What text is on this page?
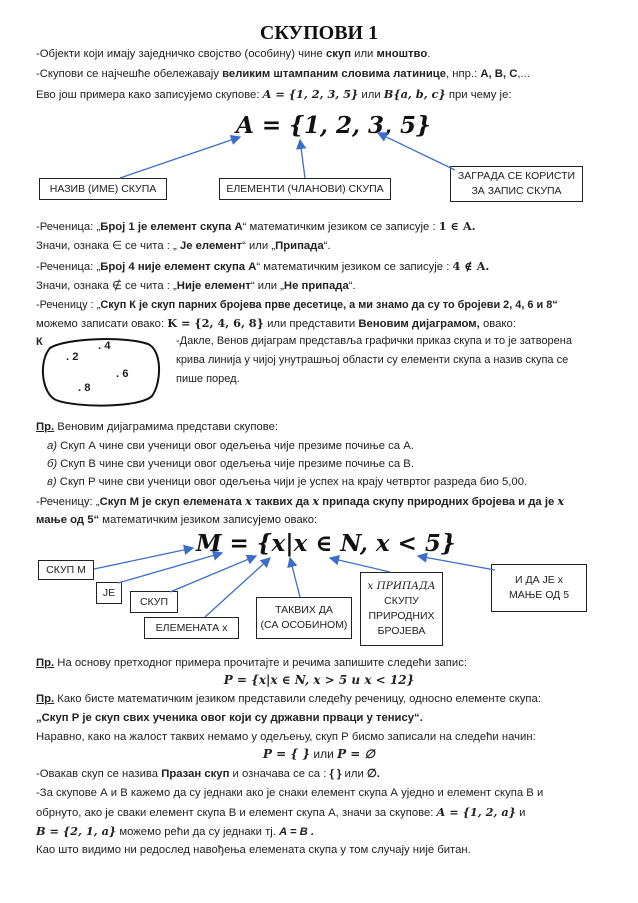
СКУПОВИ 1
-Објекти који имају заједничко својство (особину) чине скуп или мноштво.
-Скупови се најчешће обележавају великим штампаним словима латинице, нпр.: А, В, С,...
Ево још примера како записујемо скупове: A = {1, 2, 3, 5} или B{a, b, c} при чему је:
A = {1, 2, 3, 5}
НАЗИВ (ИМЕ) СКУПА	ЕЛЕМЕНТИ (ЧЛАНОВИ) СКУПА
ЗАГРАДА СЕ КОРИСТИ
ЗА ЗАПИС СКУПА
-Реченица: „Број 1 је елемент скупа А“ математичким језиком се записује : 1 ∈ A.
Значи, ознака ∈ се чита : „ Је елемент“ или „Припада“.
-Реченица: „Број 4 није елемент скупа А“ математичким језиком се записује : 4 ∉ A.
Значи, ознака ∉ се чита : „Није елемент“ или „Не припада“.
-Реченицу : „Скуп К је скуп парних бројева прве десетице, а ми знамо да су то бројеви 2, 4, 6 и 8“
можемо записати овако: K = {2, 4, 6, 8} или представити Веновим дијаграмом, овако:
К	. 4
. 2
. 6
. 8
-Дакле, Венов дијаграм представља графички приказ скупа и то је затворена
крива линија у чијој унутрашњој области су елементи скупа а назив скупа се
пише поред.
Пр. Веновим дијаграмима представи скупове:
а) Скуп А чине сви ученици овог одељења чије презиме почиње са А.
б) Скуп В чине сви ученици овог одељења чије презиме почиње са В.
в) Скуп Р чине сви ученици овог одељења чији је успех на крају четвртог разреда био 5,00.
-Реченицу: „Скуп М је скуп елемената x таквих да x припада скупу природних бројева и да је x
мање од 5“ математичким језиком записујемо овако:
M = {x|x ∈ N, x < 5}
СКУП M
ЈЕ
СКУП
ЕЛЕМЕНАТА x
ТАКВИХ ДА
(СА ОСОБИНОМ)
x ПРИПАДА
СКУПУ
ПРИРОДНИХ
БРОЈЕВА
И ДА ЈЕ x
МАЊЕ ОД 5
Пр. На основу претходног примера прочитајте и речима запишите следећи запис:
P = {x|x ∈ N, x > 5 и x < 12}
Пр. Како бисте математичким језиком представили следећу реченицу, односно елементе скупа:
„Скуп Р је скуп свих ученика овог који су државни прваци у тенису“.
Наравно, како на жалост таквих немамо у одељењу, скуп Р бисмо записали на следећи начин:
P = { } или P = ∅
-Овакав скуп се назива Празан скуп и означава се са : { } или ∅.
-За скупове А и В кажемо да су једнаки ако је снаки елемент скупа А уједно и елемент скупа В и
обрнуто, ако је сваки елемент скупа В и елемент скупа А, значи за скупове: A = {1, 2, a} и
B = {2, 1, a} можемо рећи да су једнаки тј. A = B .
Као што видимо ни редослед навођења елемената скупа у том случају није битан.
